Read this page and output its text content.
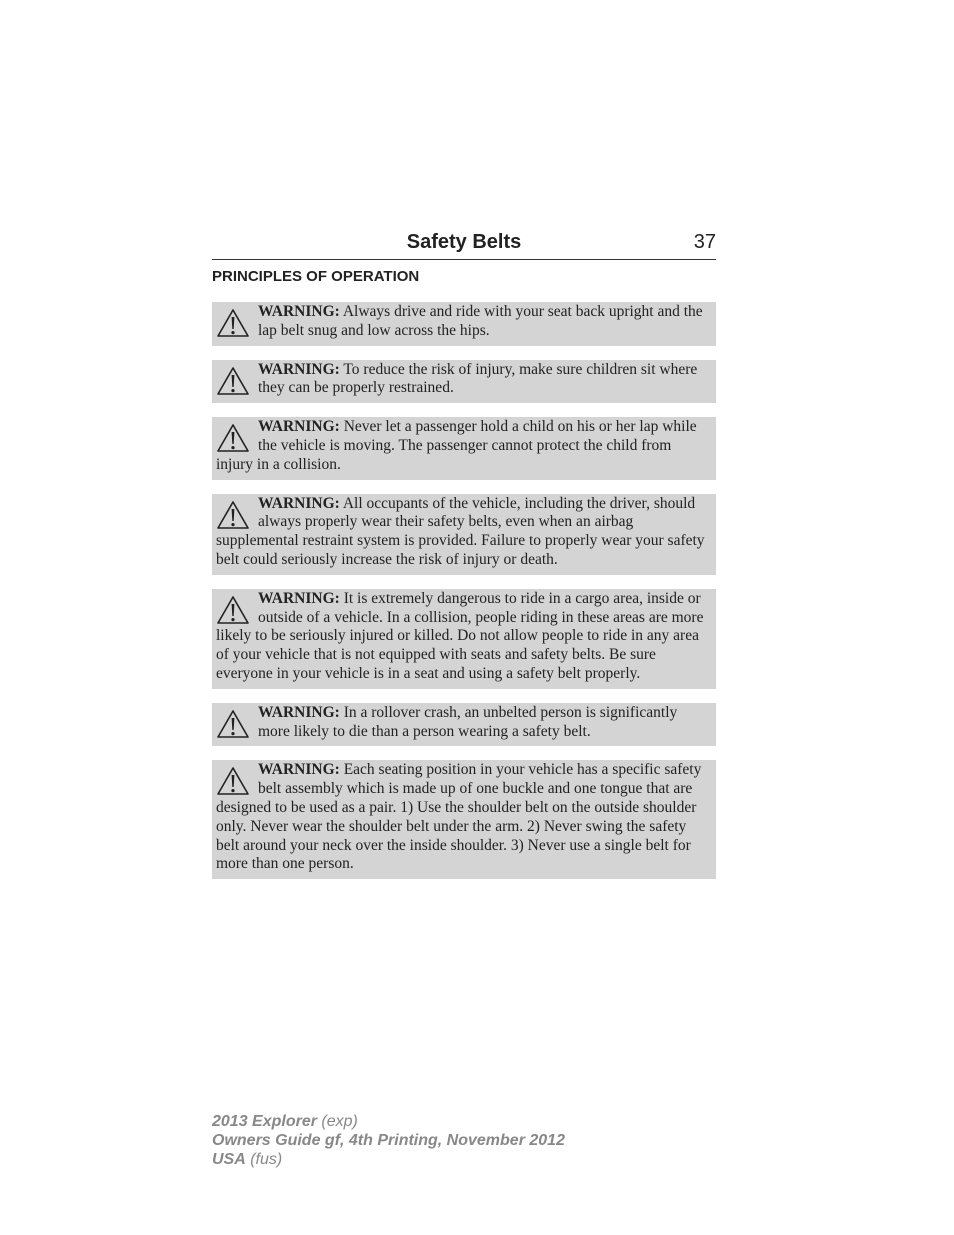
Safety Belts	37
PRINCIPLES OF OPERATION
WARNING: Always drive and ride with your seat back upright and the lap belt snug and low across the hips.
WARNING: To reduce the risk of injury, make sure children sit where they can be properly restrained.
WARNING: Never let a passenger hold a child on his or her lap while the vehicle is moving. The passenger cannot protect the child from injury in a collision.
WARNING: All occupants of the vehicle, including the driver, should always properly wear their safety belts, even when an airbag supplemental restraint system is provided. Failure to properly wear your safety belt could seriously increase the risk of injury or death.
WARNING: It is extremely dangerous to ride in a cargo area, inside or outside of a vehicle. In a collision, people riding in these areas are more likely to be seriously injured or killed. Do not allow people to ride in any area of your vehicle that is not equipped with seats and safety belts. Be sure everyone in your vehicle is in a seat and using a safety belt properly.
WARNING: In a rollover crash, an unbelted person is significantly more likely to die than a person wearing a safety belt.
WARNING: Each seating position in your vehicle has a specific safety belt assembly which is made up of one buckle and one tongue that are designed to be used as a pair. 1) Use the shoulder belt on the outside shoulder only. Never wear the shoulder belt under the arm. 2) Never swing the safety belt around your neck over the inside shoulder. 3) Never use a single belt for more than one person.
2013 Explorer (exp)
Owners Guide gf, 4th Printing, November 2012
USA (fus)
